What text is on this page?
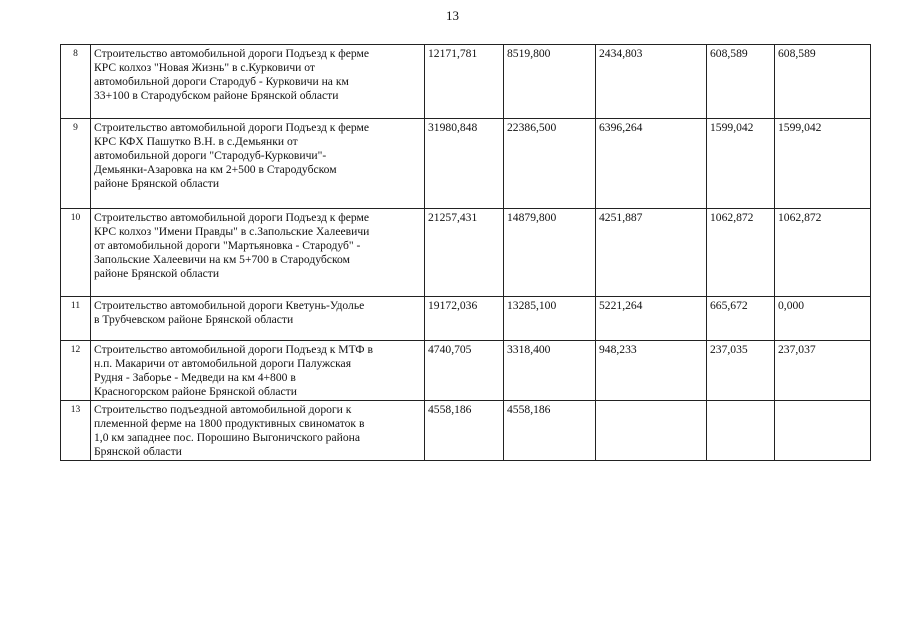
13
8	Строительство автомобильной дороги Подъезд к ферме
КРС колхоз "Новая Жизнь" в с.Курковичи от
автомобильной дороги Стародуб - Курковичи на км
33+100 в Стародубском районе Брянской области	12171,781	8519,800	2434,803	608,589	608,589
9	Строительство автомобильной дороги Подъезд к ферме
КРС КФХ Пашутко В.Н. в с.Демьянки от
автомобильной дороги "Стародуб-Курковичи"-
Демьянки-Азаровка на км 2+500 в Стародубском
районе Брянской области	31980,848	22386,500	6396,264	1599,042	1599,042
10	Строительство автомобильной дороги Подъезд к ферме
КРС колхоз "Имени Правды" в с.Запольские Халеевичи
от автомобильной дороги "Мартьяновка - Стародуб" -
Запольские Халеевичи на км 5+700 в Стародубском
районе Брянской области	21257,431	14879,800	4251,887	1062,872	1062,872
11	Строительство автомобильной дороги Кветунь-Удолье
в Трубчевском районе Брянской области	19172,036	13285,100	5221,264	665,672	0,000
12	Строительство автомобильной дороги Подъезд к МТФ в
н.п. Макаричи от автомобильной дороги Палужская
Рудня - Заборье - Медведи на км 4+800 в
Красногорском районе Брянской области	4740,705	3318,400	948,233	237,035	237,037
13	Строительство подъездной автомобильной дороги к
племенной ферме на 1800 продуктивных свиноматок в
1,0 км западнее пос. Порошино Выгоничского района
Брянской области	4558,186	4558,186			
